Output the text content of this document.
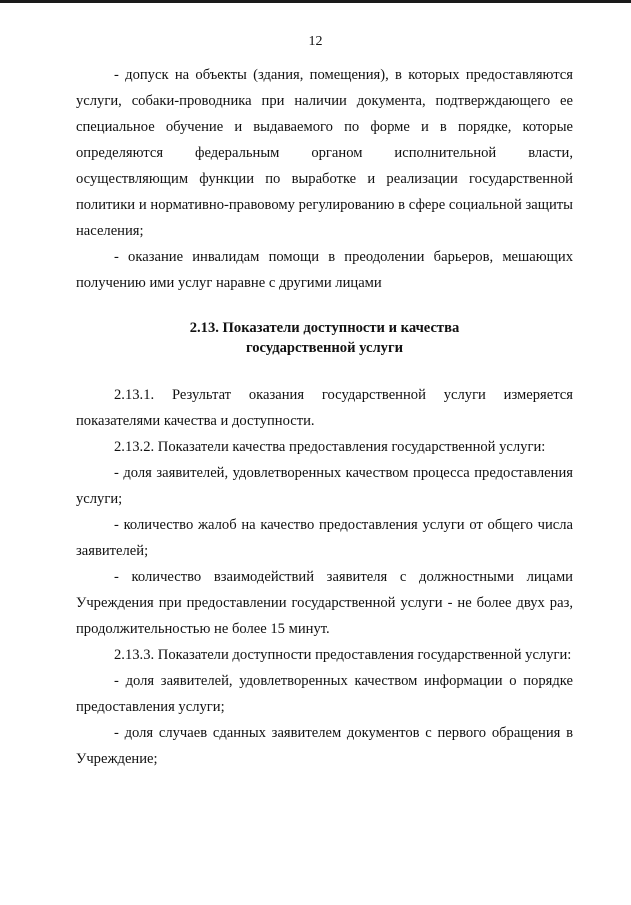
12

- допуск на объекты (здания, помещения), в которых предоставляются услуги, собаки-проводника при наличии документа, подтверждающего ее специальное обучение и выдаваемого по форме и в порядке, которые определяются федеральным органом исполнительной власти, осуществляющим функции по выработке и реализации государственной политики и нормативно-правовому регулированию в сфере социальной защиты населения;

- оказание инвалидам помощи в преодолении барьеров, мешающих получению ими услуг наравне с другими лицами

2.13. Показатели доступности и качества

государственной услуги

2.13.1. Результат оказания государственной услуги измеряется показателями качества и доступности.

2.13.2. Показатели качества предоставления государственной услуги:

- доля заявителей, удовлетворенных качеством процесса предоставления услуги;

- количество жалоб на качество предоставления услуги от общего числа заявителей;

- количество взаимодействий заявителя с должностными лицами Учреждения при предоставлении государственной услуги - не более двух раз, продолжительностью не более 15 минут.

2.13.3. Показатели доступности предоставления государственной услуги:

- доля заявителей, удовлетворенных качеством информации о порядке предоставления услуги;

- доля случаев сданных заявителем документов с первого обращения в Учреждение;
